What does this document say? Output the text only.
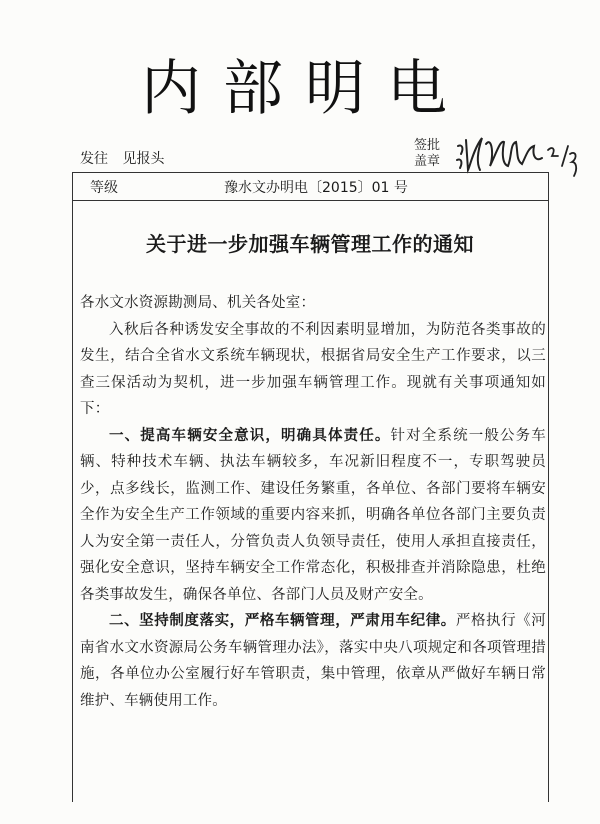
内部明电
发往 见报头
签批
盖章
等级	豫水文办明电〔2015〕01 号
关于进一步加强车辆管理工作的通知

各水文水资源勘测局、机关各处室：

入秋后各种诱发安全事故的不利因素明显增加，为防范各类事故的发生，结合全省水文系统车辆现状，根据省局安全生产工作要求，以三查三保活动为契机，进一步加强车辆管理工作。现就有关事项通知如下：

一、提高车辆安全意识，明确具体责任。针对全系统一般公务车辆、特种技术车辆、执法车辆较多，车况新旧程度不一，专职驾驶员少，点多线长，监测工作、建设任务繁重，各单位、各部门要将车辆安全作为安全生产工作领域的重要内容来抓，明确各单位各部门主要负责人为安全第一责任人，分管负责人负领导责任，使用人承担直接责任，强化安全意识，坚持车辆安全工作常态化，积极排查并消除隐患，杜绝各类事故发生，确保各单位、各部门人员及财产安全。

二、坚持制度落实，严格车辆管理，严肃用车纪律。严格执行《河南省水文水资源局公务车辆管理办法》，落实中央八项规定和各项管理措施，各单位办公室履行好车管职责，集中管理，依章从严做好车辆日常维护、车辆使用工作。
